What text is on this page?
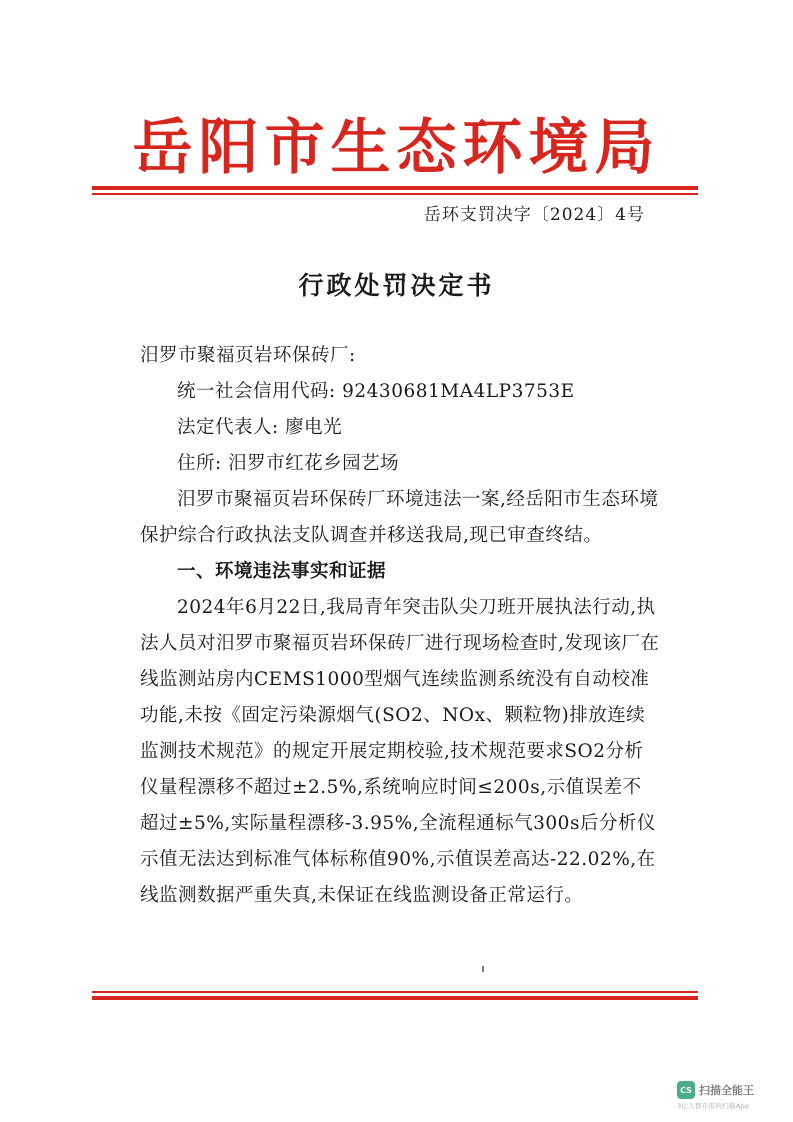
岳阳市生态环境局
岳环支罚决字〔2024〕4号
行政处罚决定书

汨罗市聚福页岩环保砖厂:

统一社会信用代码: 92430681MA4LP3753E

法定代表人: 廖电光

住所: 汨罗市红花乡园艺场

汨罗市聚福页岩环保砖厂环境违法一案,经岳阳市生态环境保护综合行政执法支队调查并移送我局,现已审查终结。

一、环境违法事实和证据

2024年6月22日,我局青年突击队尖刀班开展执法行动,执法人员对汨罗市聚福页岩环保砖厂进行现场检查时,发现该厂在线监测站房内CEMS1000型烟气连续监测系统没有自动校准功能,未按《固定污染源烟气(SO2、NOx、颗粒物)排放连续监测技术规范》的规定开展定期校验,技术规范要求SO2分析仪量程漂移不超过±2.5%,系统响应时间≤200s,示值误差不超过±5%,实际量程漂移-3.95%,全流程通标气300s后分析仪示值无法达到标准气体标称值90%,示值误差高达-22.02%,在线监测数据严重失真,未保证在线监测设备正常运行。

CS 扫描全能王
3亿人都在用的扫描App
